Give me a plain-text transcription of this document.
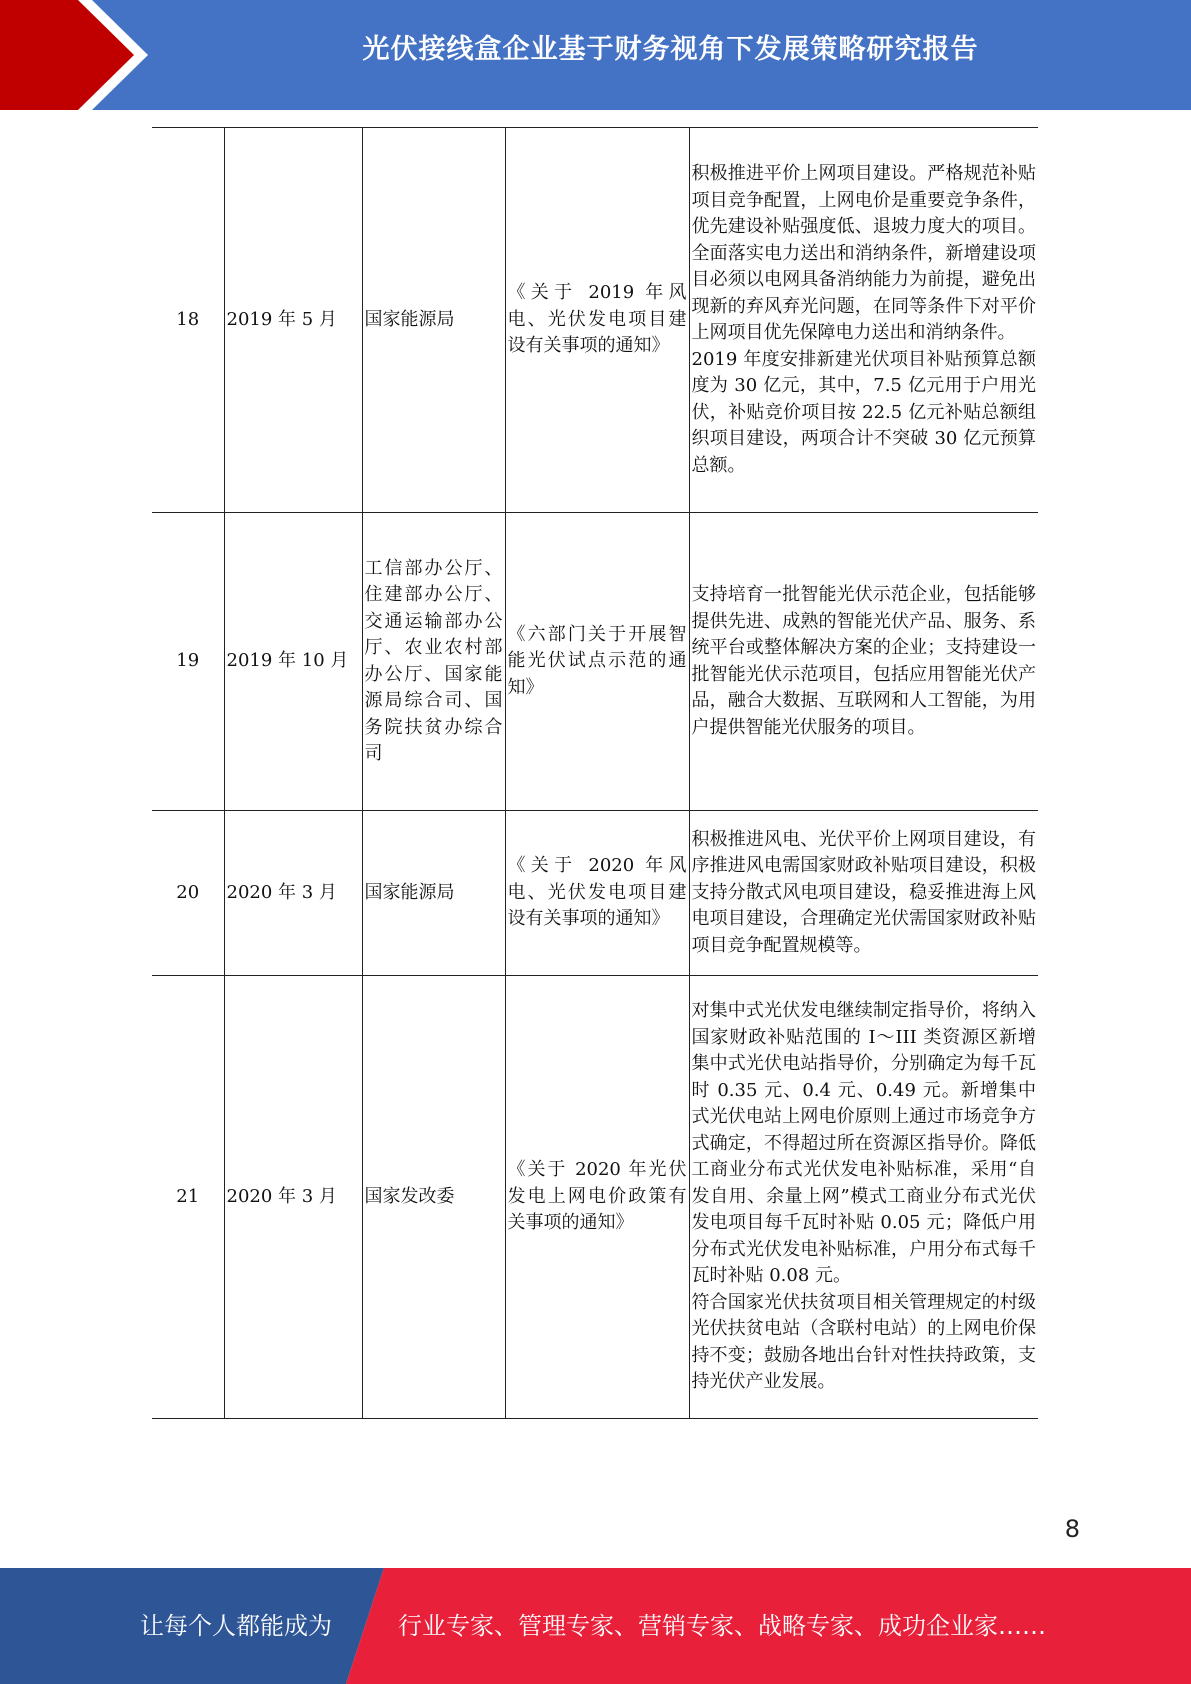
光伏接线盒企业基于财务视角下发展策略研究报告
18	2019 年 5 月	国家能源局	《关于 2019 年风电、光伏发电项目建设有关事项的通知》	积极推进平价上网项目建设。严格规范补贴项目竞争配置，上网电价是重要竞争条件，优先建设补贴强度低、退坡力度大的项目。全面落实电力送出和消纳条件，新增建设项目必须以电网具备消纳能力为前提，避免出现新的弃风弃光问题，在同等条件下对平价上网项目优先保障电力送出和消纳条件。
2019 年度安排新建光伏项目补贴预算总额度为 30 亿元，其中，7.5 亿元用于户用光伏，补贴竞价项目按 22.5 亿元补贴总额组织项目建设，两项合计不突破 30 亿元预算总额。

19	2019 年 10 月	工信部办公厅、住建部办公厅、交通运输部办公厅、农业农村部办公厅、国家能源局综合司、国务院扶贫办综合司	《六部门关于开展智能光伏试点示范的通知》	支持培育一批智能光伏示范企业，包括能够提供先进、成熟的智能光伏产品、服务、系统平台或整体解决方案的企业；支持建设一批智能光伏示范项目，包括应用智能光伏产品，融合大数据、互联网和人工智能，为用户提供智能光伏服务的项目。

20	2020 年 3 月	国家能源局	《关于 2020 年风电、光伏发电项目建设有关事项的通知》	积极推进风电、光伏平价上网项目建设，有序推进风电需国家财政补贴项目建设，积极支持分散式风电项目建设，稳妥推进海上风电项目建设，合理确定光伏需国家财政补贴项目竞争配置规模等。

21	2020 年 3 月	国家发改委	《关于 2020 年光伏发电上网电价政策有关事项的通知》	对集中式光伏发电继续制定指导价，将纳入国家财政补贴范围的 I～III 类资源区新增集中式光伏电站指导价，分别确定为每千瓦时 0.35 元、0.4 元、0.49 元。新增集中式光伏电站上网电价原则上通过市场竞争方式确定，不得超过所在资源区指导价。降低工商业分布式光伏发电补贴标准，采用“自发自用、余量上网”模式工商业分布式光伏发电项目每千瓦时补贴 0.05 元；降低户用分布式光伏发电补贴标准，户用分布式每千瓦时补贴 0.08 元。
符合国家光伏扶贫项目相关管理规定的村级光伏扶贫电站（含联村电站）的上网电价保持不变；鼓励各地出台针对性扶持政策，支持光伏产业发展。
8
让每个人都能成为	行业专家、管理专家、营销专家、战略专家、成功企业家……
